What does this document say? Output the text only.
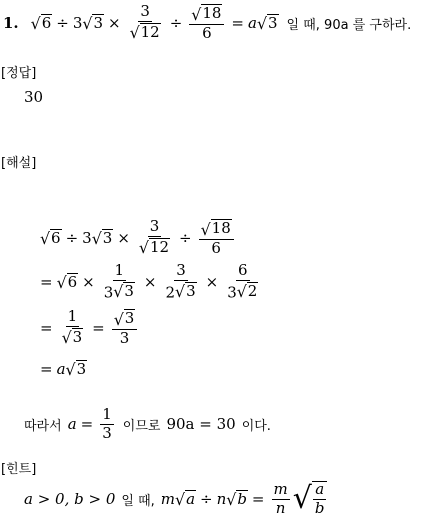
1. √ 6 ÷ 3 √ $3 \times \frac{3}{√ 12} \div \frac{√ 18}{6} = a$ √ 3 일 때, 90a 를 구하라.
[정답]
30
[해설]
√ 6 ÷ 3 √ $3 \times \frac{3}{√ 12} \div \frac{√ 18}{6}$
= √ $6 \times \frac{1}{3 √ 3} \times \frac{3}{2 √ 3} \times \frac{6}{3 √ 2}$
= $\frac{1}{√ 3} = \frac{√ 3}{3}$
= a √ 3
따라서 $a = \frac{1}{3}$ 이므로 90a = 30 이다.
[힌트]
a > 0, b > 0 일 때, m √ a ÷ n √ $b = \frac{m}{n}$ √ $\frac{a}{b}$
